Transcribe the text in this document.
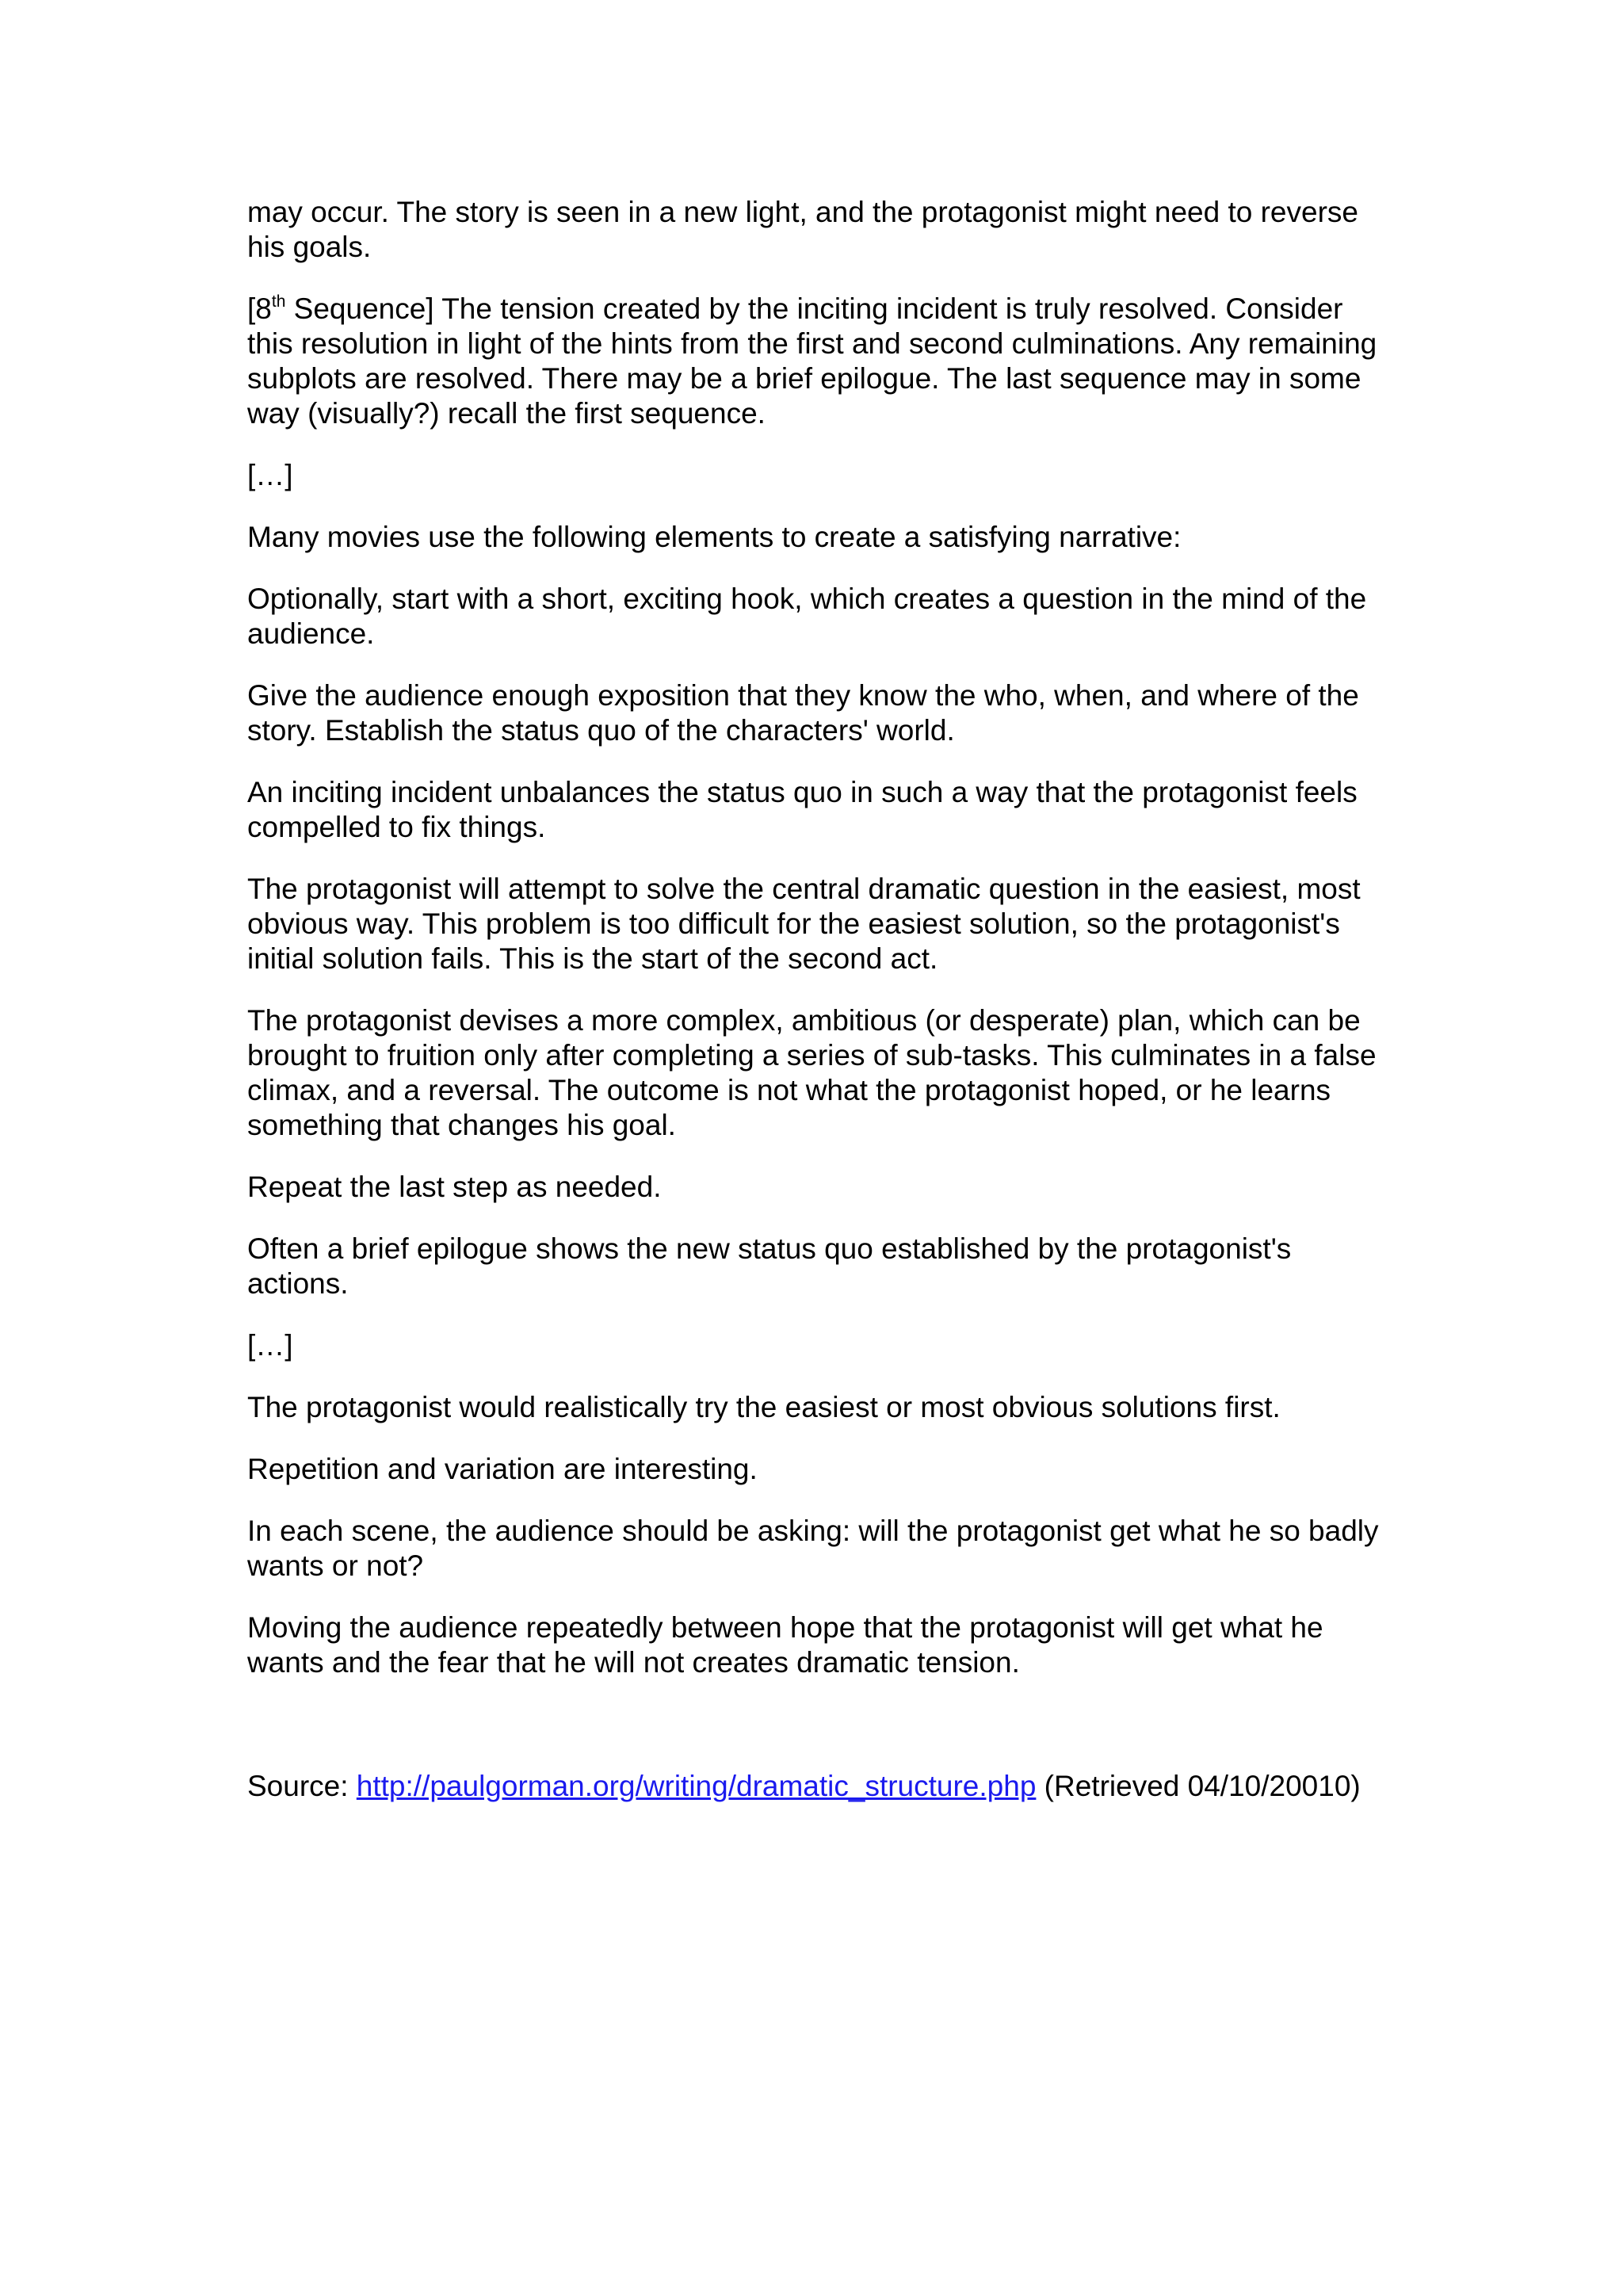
may occur. The story is seen in a new light, and the protagonist might need to reverse his goals.

[8th Sequence] The tension created by the inciting incident is truly resolved. Consider this resolution in light of the hints from the first and second culminations. Any remaining subplots are resolved. There may be a brief epilogue. The last sequence may in some way (visually?) recall the first sequence.

[…]

Many movies use the following elements to create a satisfying narrative:

Optionally, start with a short, exciting hook, which creates a question in the mind of the audience.

Give the audience enough exposition that they know the who, when, and where of the story. Establish the status quo of the characters' world.

An inciting incident unbalances the status quo in such a way that the protagonist feels compelled to fix things.

The protagonist will attempt to solve the central dramatic question in the easiest, most obvious way. This problem is too difficult for the easiest solution, so the protagonist's initial solution fails. This is the start of the second act.

The protagonist devises a more complex, ambitious (or desperate) plan, which can be brought to fruition only after completing a series of sub-tasks. This culminates in a false climax, and a reversal. The outcome is not what the protagonist hoped, or he learns something that changes his goal.

Repeat the last step as needed.

Often a brief epilogue shows the new status quo established by the protagonist's actions.

[…]

The protagonist would realistically try the easiest or most obvious solutions first.

Repetition and variation are interesting.

In each scene, the audience should be asking: will the protagonist get what he so badly wants or not?

Moving the audience repeatedly between hope that the protagonist will get what he wants and the fear that he will not creates dramatic tension.

Source: http://paulgorman.org/writing/dramatic_structure.php (Retrieved 04/10/20010)
